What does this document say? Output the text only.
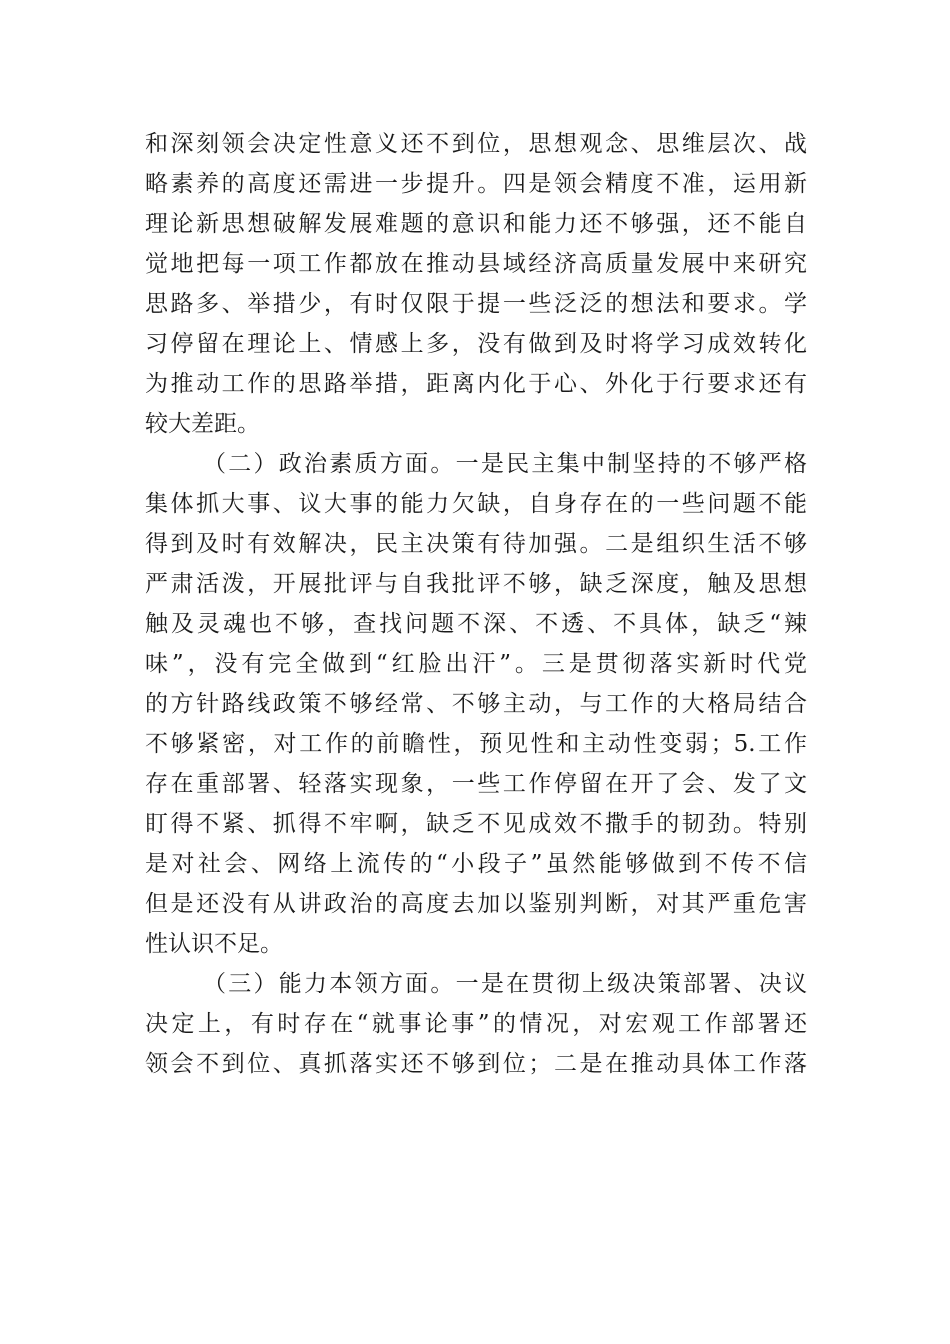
和深刻领会决定性意义还不到位，思想观念、思维层次、战
略素养的高度还需进一步提升。四是领会精度不准，运用新
理论新思想破解发展难题的意识和能力还不够强，还不能自
觉地把每一项工作都放在推动县域经济高质量发展中来研究
思路多、举措少，有时仅限于提一些泛泛的想法和要求。学
习停留在理论上、情感上多，没有做到及时将学习成效转化
为推动工作的思路举措，距离内化于心、外化于行要求还有
较大差距。
（二）政治素质方面。一是民主集中制坚持的不够严格
集体抓大事、议大事的能力欠缺，自身存在的一些问题不能
得到及时有效解决，民主决策有待加强。二是组织生活不够
严肃活泼，开展批评与自我批评不够，缺乏深度，触及思想
触及灵魂也不够，查找问题不深、不透、不具体，缺乏“辣
味”，没有完全做到“红脸出汗”。三是贯彻落实新时代党
的方针路线政策不够经常、不够主动，与工作的大格局结合
不够紧密，对工作的前瞻性，预见性和主动性变弱；5.工作
存在重部署、轻落实现象，一些工作停留在开了会、发了文
盯得不紧、抓得不牢啊，缺乏不见成效不撒手的韧劲。特别
是对社会、网络上流传的“小段子”虽然能够做到不传不信
但是还没有从讲政治的高度去加以鉴别判断，对其严重危害
性认识不足。
（三）能力本领方面。一是在贯彻上级决策部署、决议
决定上，有时存在“就事论事”的情况，对宏观工作部署还
领会不到位、真抓落实还不够到位；二是在推动具体工作落
